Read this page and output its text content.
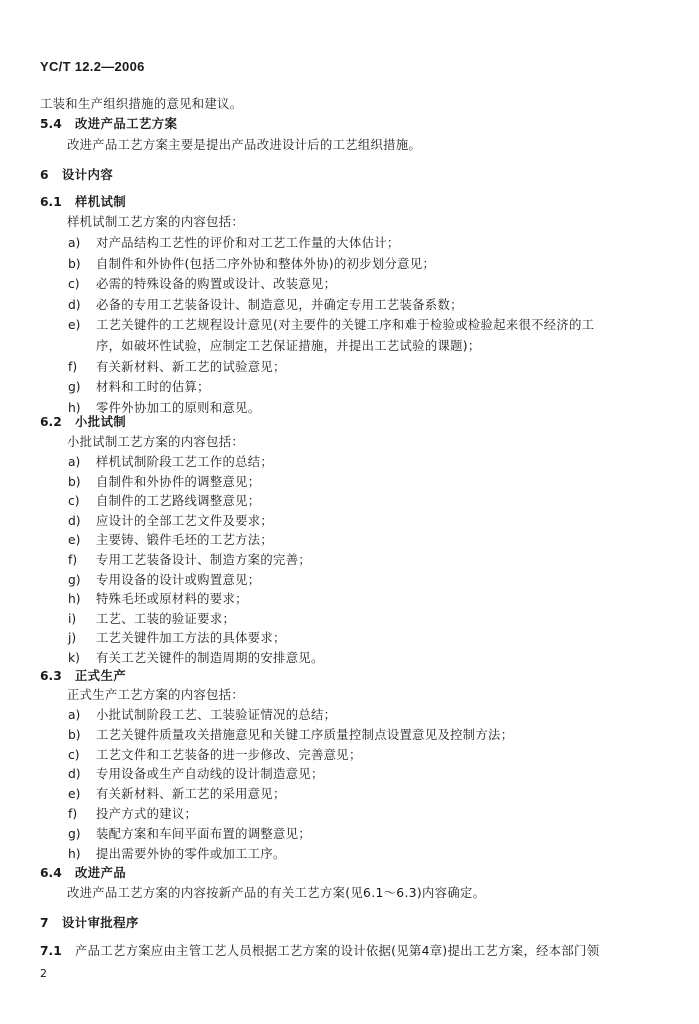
YC/T 12.2—2006
工装和生产组织措施的意见和建议。
5.4 改进产品工艺方案
改进产品工艺方案主要是提出产品改进设计后的工艺组织措施。
6 设计内容
6.1 样机试制
样机试制工艺方案的内容包括：
a) 对产品结构工艺性的评价和对工艺工作量的大体估计；
b) 自制件和外协件(包括二序外协和整体外协)的初步划分意见；
c) 必需的特殊设备的购置或设计、改装意见；
d) 必备的专用工艺装备设计、制造意见，并确定专用工艺装备系数；
e) 工艺关键件的工艺规程设计意见(对主要件的关键工序和难于检验或检验起来很不经济的工
序，如破坏性试验，应制定工艺保证措施，并提出工艺试验的课题)；
f) 有关新材料、新工艺的试验意见；
g) 材料和工时的估算；
h) 零件外协加工的原则和意见。
6.2 小批试制
小批试制工艺方案的内容包括：
a) 样机试制阶段工艺工作的总结；
b) 自制件和外协件的调整意见；
c) 自制件的工艺路线调整意见；
d) 应设计的全部工艺文件及要求；
e) 主要铸、锻件毛坯的工艺方法；
f) 专用工艺装备设计、制造方案的完善；
g) 专用设备的设计或购置意见；
h) 特殊毛坯或原材料的要求；
i) 工艺、工装的验证要求；
j) 工艺关键件加工方法的具体要求；
k) 有关工艺关键件的制造周期的安排意见。
6.3 正式生产
正式生产工艺方案的内容包括：
a) 小批试制阶段工艺、工装验证情况的总结；
b) 工艺关键件质量攻关措施意见和关键工序质量控制点设置意见及控制方法；
c) 工艺文件和工艺装备的进一步修改、完善意见；
d) 专用设备或生产自动线的设计制造意见；
e) 有关新材料、新工艺的采用意见；
f) 投产方式的建议；
g) 装配方案和车间平面布置的调整意见；
h) 提出需要外协的零件或加工工序。
6.4 改进产品
改进产品工艺方案的内容按新产品的有关工艺方案(见6.1～6.3)内容确定。
7 设计审批程序
7.1 产品工艺方案应由主管工艺人员根据工艺方案的设计依据(见第4章)提出工艺方案，经本部门领
2
